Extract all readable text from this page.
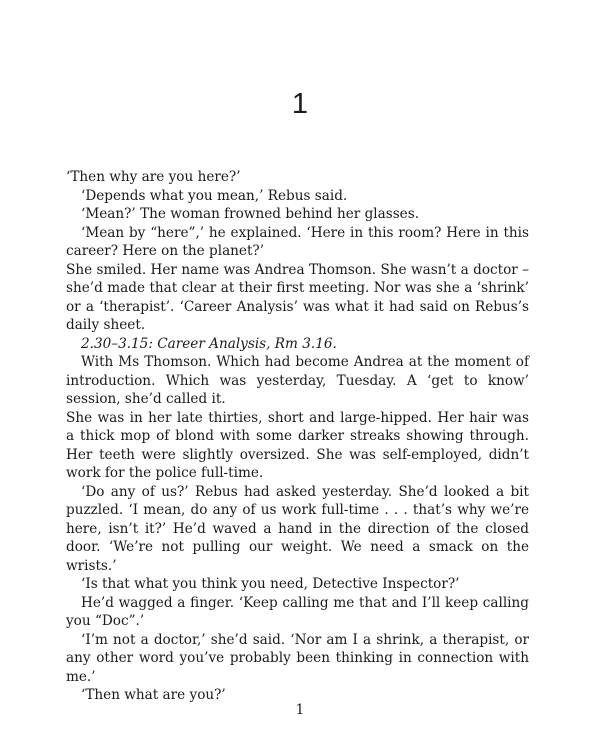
1

‘Then why are you here?’

‘Depends what you mean,’ Rebus said.

‘Mean?’ The woman frowned behind her glasses.

‘Mean by “here”,’ he explained. ‘Here in this room? Here in this career? Here on the planet?’

She smiled. Her name was Andrea Thomson. She wasn’t a doctor – she’d made that clear at their first meeting. Nor was she a ‘shrink’ or a ‘therapist’. ‘Career Analysis’ was what it had said on Rebus’s daily sheet.

2.30–3.15: Career Analysis, Rm 3.16.

With Ms Thomson. Which had become Andrea at the moment of introduction. Which was yesterday, Tuesday. A ‘get to know’ session, she’d called it.

She was in her late thirties, short and large-hipped. Her hair was a thick mop of blond with some darker streaks showing through. Her teeth were slightly oversized. She was self-employed, didn’t work for the police full-time.

‘Do any of us?’ Rebus had asked yesterday. She’d looked a bit puzzled. ‘I mean, do any of us work full-time . . . that’s why we’re here, isn’t it?’ He’d waved a hand in the direction of the closed door. ‘We’re not pulling our weight. We need a smack on the wrists.’

‘Is that what you think you need, Detective Inspector?’

He’d wagged a finger. ‘Keep calling me that and I’ll keep calling you “Doc”.’

‘I’m not a doctor,’ she’d said. ‘Nor am I a shrink, a therapist, or any other word you’ve probably been thinking in connection with me.’

‘Then what are you?’

1
